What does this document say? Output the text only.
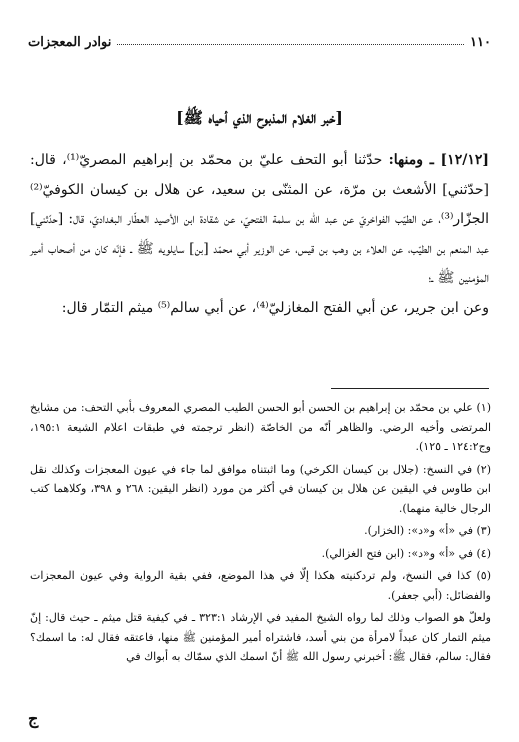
١١٠
نوادر المعجزات
[خبر الغلام المذبوح الذي أحياه ﷺ]

[١٢/١٢] ـ ومنها: حدّثنا أبو التحف عليّ بن محمّد بن إبراهيم المصريّ⁽¹⁾، قال: [حدّثني] الأشعث بن مرّة، عن المثنّى بن سعيد، عن هلال بن كيسان الكوفيّ⁽²⁾ الجزّار⁽³⁾، عن الطيّب الفواخريّ عن عبد الله بن سلمة الفتحيّ، عن شقادة ابن الأصيد العطّار البغداديّ، قال: [حدّثني] عبد المنعم بن الطيّب، عن العلاء بن وهب بن قيس، عن الوزير أبي محمّد [بن] سايلويه ﷺ ـ فإنّه كان من أصحاب أمير المؤمنين ﷺ ـ؛

وعن ابن جرير، عن أبي الفتح المغازليّ⁽⁴⁾، عن أبي سالم⁽⁵⁾ ميثم التمّار قال:

(١) علي بن محمّد بن إبراهيم بن الحسن أبو الحسن الطيب المصري المعروف بأبي التحف: من مشايخ المرتضى وأخيه الرضي. والظاهر أنّه من الخاصّة (انظر ترجمته في طبقات اعلام الشيعة ١٩٥:١، وج١٢٤:٢ ـ ١٢٥).

(٢) في النسخ: (جلال بن كيسان الكرخي) وما اثبتناه موافق لما جاء في عيون المعجزات وكذلك نقل ابن طاوس في اليقين عن هلال بن كيسان في أكثر من مورد (انظر اليقين: ٢٦٨ و ٣٩٨، وكلاهما كتب الرجال خالية منهما).

(٣) في «أ» و«د»: (الخزار).

(٤) في «أ» و«د»: (ابن فتح الغزالي).

(٥) كذا في النسخ، ولم تردكنيته هكذا إلّا في هذا الموضع، ففي بقية الرواية وفي عيون المعجزات والفضائل: (أبي جعفر).

ولعلّ هو الصواب وذلك لما رواه الشيخ المفيد في الإرشاد ٣٢٣:١ ـ في كيفية قتل ميثم ـ حيث قال: إنّ ميثم التمار كان عبداً لامرأة من بني أسد، فاشتراه أمير المؤمنين ﷺ منها، فاعتقه فقال له: ما اسمك؟ فقال: سالم، فقال ﷺ: أخبرني رسول الله ﷺ أنّ اسمك الذي سمّاك به أبواك في

ج
